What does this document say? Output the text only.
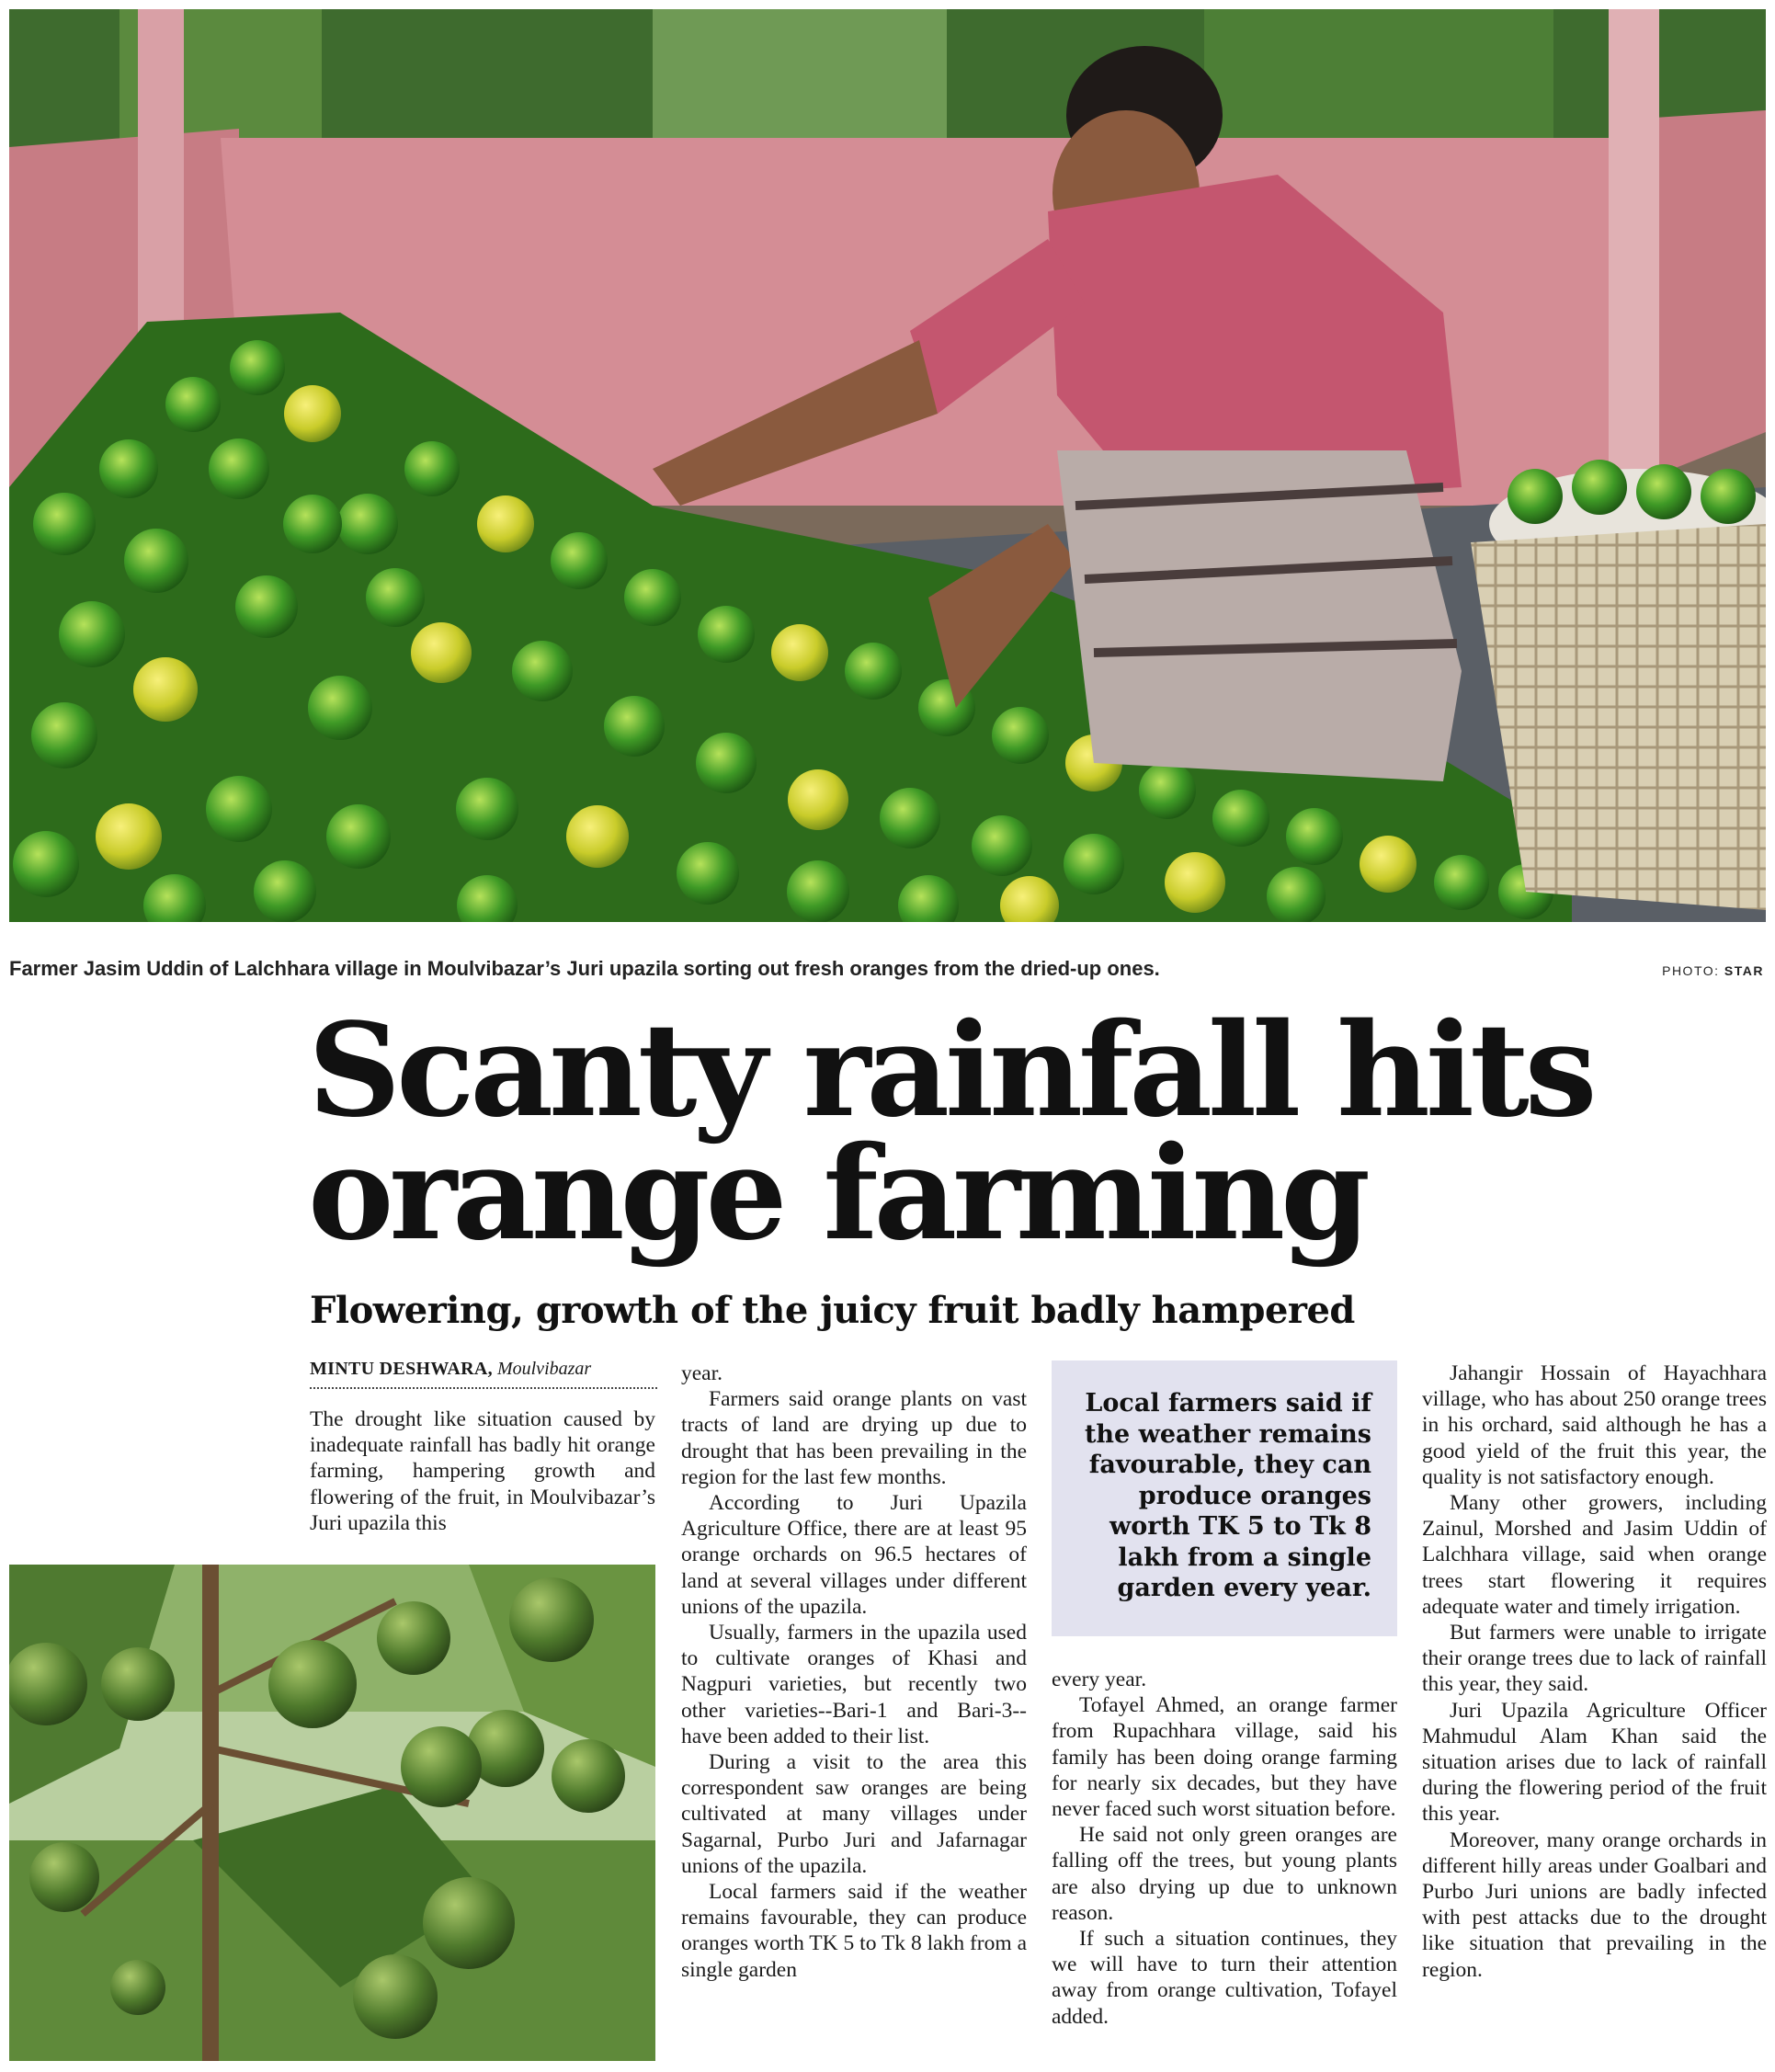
Farmer Jasim Uddin of Lalchhara village in Moulvibazar’s Juri upazila sorting out fresh oranges from the dried-up ones.	PHOTO: STAR
Scanty rainfall hits
orange farming
Flowering, growth of the juicy fruit badly hampered
MINTU DESHWARA, Moulvibazar

The drought like situation caused by inadequate rainfall has badly hit orange farming, hampering growth and flowering of the fruit, in Moulvibazar’s Juri upazila this

year.

Farmers said orange plants on vast tracts of land are drying up due to drought that has been prevailing in the region for the last few months.

According to Juri Upazila Agriculture Office, there are at least 95 orange orchards on 96.5 hectares of land at several villages under different unions of the upazila.

Usually, farmers in the upazila used to cultivate oranges of Khasi and Nagpuri varieties, but recently two other varieties--Bari-1 and Bari-3-- have been added to their list.

During a visit to the area this correspondent saw oranges are being cultivated at many villages under Sagarnal, Purbo Juri and Jafarnagar unions of the upazila.

Local farmers said if the weather remains favourable, they can produce oranges worth TK 5 to Tk 8 lakh from a single garden

Local farmers said if the weather remains favourable, they can produce oranges worth TK 5 to Tk 8 lakh from a single garden every year.

every year.

Tofayel Ahmed, an orange farmer from Rupachhara village, said his family has been doing orange farming for nearly six decades, but they have never faced such worst situation before.

He said not only green oranges are falling off the trees, but young plants are also drying up due to unknown reason.

If such a situation continues, they we will have to turn their attention away from orange cultivation, Tofayel added.

Jahangir Hossain of Hayachhara village, who has about 250 orange trees in his orchard, said although he has a good yield of the fruit this year, the quality is not satisfactory enough.

Many other growers, including Zainul, Morshed and Jasim Uddin of Lalchhara village, said when orange trees start flowering it requires adequate water and timely irrigation.

But farmers were unable to irrigate their orange trees due to lack of rainfall this year, they said.

Juri Upazila Agriculture Officer Mahmudul Alam Khan said the situation arises due to lack of rainfall during the flowering period of the fruit this year.

Moreover, many orange orchards in different hilly areas under Goalbari and Purbo Juri unions are badly infected with pest attacks due to the drought like situation that prevailing in the region.
